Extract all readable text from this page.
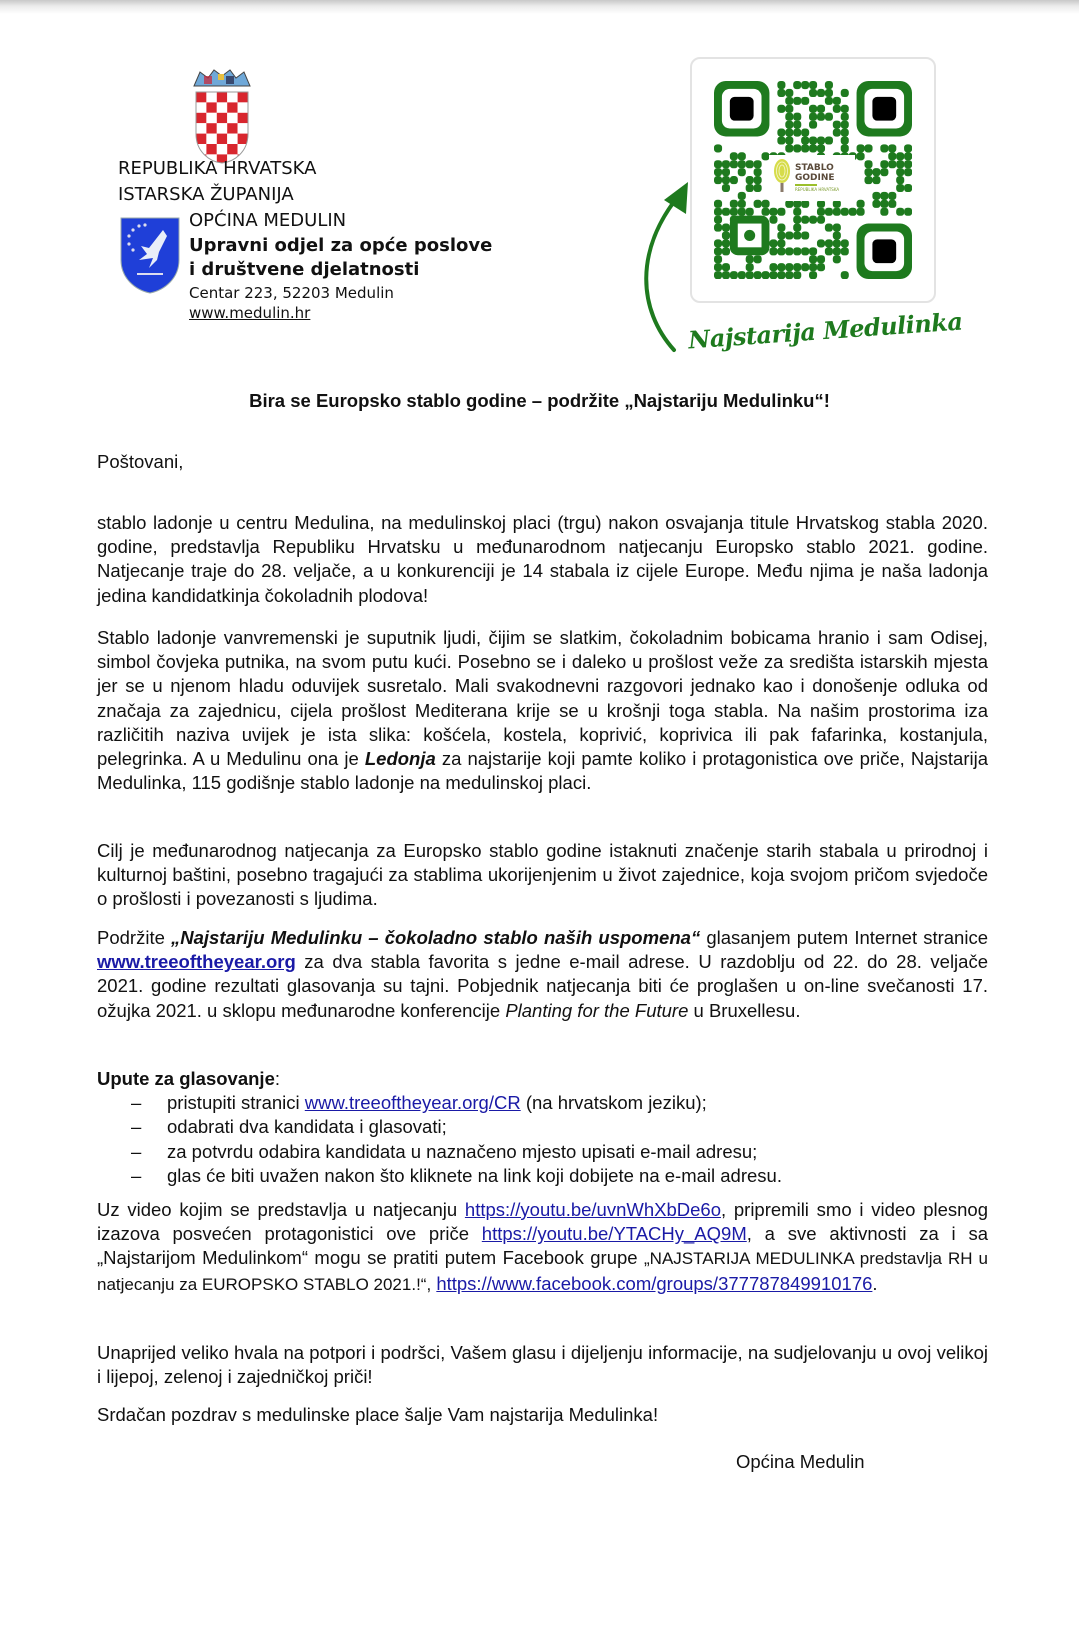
REPUBLIKA HRVATSKA
ISTARSKA ŽUPANIJA
OPĆINA MEDULIN
Upravni odjel za opće poslove
i društvene djelatnosti
Centar 223, 52203 Medulin
www.medulin.hr
STABLO
GODINE
REPUBLIKA HRVATSKA
Najstarija Medulinka
Bira se Europsko stablo godine – podržite „Najstariju Medulinku“!
Poštovani,

stablo ladonje u centru Medulina, na medulinskoj placi (trgu) nakon osvajanja titule Hrvatskog stabla 2020. godine, predstavlja Republiku Hrvatsku u međunarodnom natjecanju Europsko stablo 2021. godine. Natjecanje traje do 28. veljače, a u konkurenciji je 14 stabala iz cijele Europe. Među njima je naša ladonja jedina kandidatkinja čokoladnih plodova!

Stablo ladonje vanvremenski je suputnik ljudi, čijim se slatkim, čokoladnim bobicama hranio i sam Odisej, simbol čovjeka putnika, na svom putu kući. Posebno se i daleko u prošlost veže za središta istarskih mjesta jer se u njenom hladu oduvijek susretalo. Mali svakodnevni razgovori jednako kao i donošenje odluka od značaja za zajednicu, cijela prošlost Mediterana krije se u krošnji toga stabla. Na našim prostorima iza različitih naziva uvijek je ista slika: košćela, kostela, koprivić, koprivica ili pak fafarinka, kostanjula, pelegrinka. A u Medulinu ona je Ledonja za najstarije koji pamte koliko i protagonistica ove priče, Najstarija Medulinka, 115 godišnje stablo ladonje na medulinskoj placi.

Cilj je međunarodnog natjecanja za Europsko stablo godine istaknuti značenje starih stabala u prirodnoj i kulturnoj baštini, posebno tragajući za stablima ukorijenjenim u život zajednice, koja svojom pričom svjedoče o prošlosti i povezanosti s ljudima.

Podržite „Najstariju Medulinku – čokoladno stablo naših uspomena“ glasanjem putem Internet stranice www.treeoftheyear.org za dva stabla favorita s jedne e-mail adrese. U razdoblju od 22. do 28. veljače 2021. godine rezultati glasovanja su tajni. Pobjednik natjecanja biti će proglašen u on-line svečanosti 17. ožujka 2021. u sklopu međunarodne konferencije Planting for the Future u Bruxellesu.

Upute za glasovanje:

– pristupiti stranici www.treeoftheyear.org/CR (na hrvatskom jeziku);
– odabrati dva kandidata i glasovati;
– za potvrdu odabira kandidata u naznačeno mjesto upisati e-mail adresu;
– glas će biti uvažen nakon što kliknete na link koji dobijete na e-mail adresu.

Uz video kojim se predstavlja u natjecanju https://youtu.be/uvnWhXbDe6o, pripremili smo i video plesnog izazova posvećen protagonistici ove priče https://youtu.be/YTACHy_AQ9M, a sve aktivnosti za i sa „Najstarijom Medulinkom“ mogu se pratiti putem Facebook grupe „NAJSTARIJA MEDULINKA predstavlja RH u natjecanju za EUROPSKO STABLO 2021.!“, https://www.facebook.com/groups/377787849910176.

Unaprijed veliko hvala na potpori i podršci, Vašem glasu i dijeljenju informacije, na sudjelovanju u ovoj velikoj i lijepoj, zelenoj i zajedničkoj priči!

Srdačan pozdrav s medulinske place šalje Vam najstarija Medulinka!

Općina Medulin
